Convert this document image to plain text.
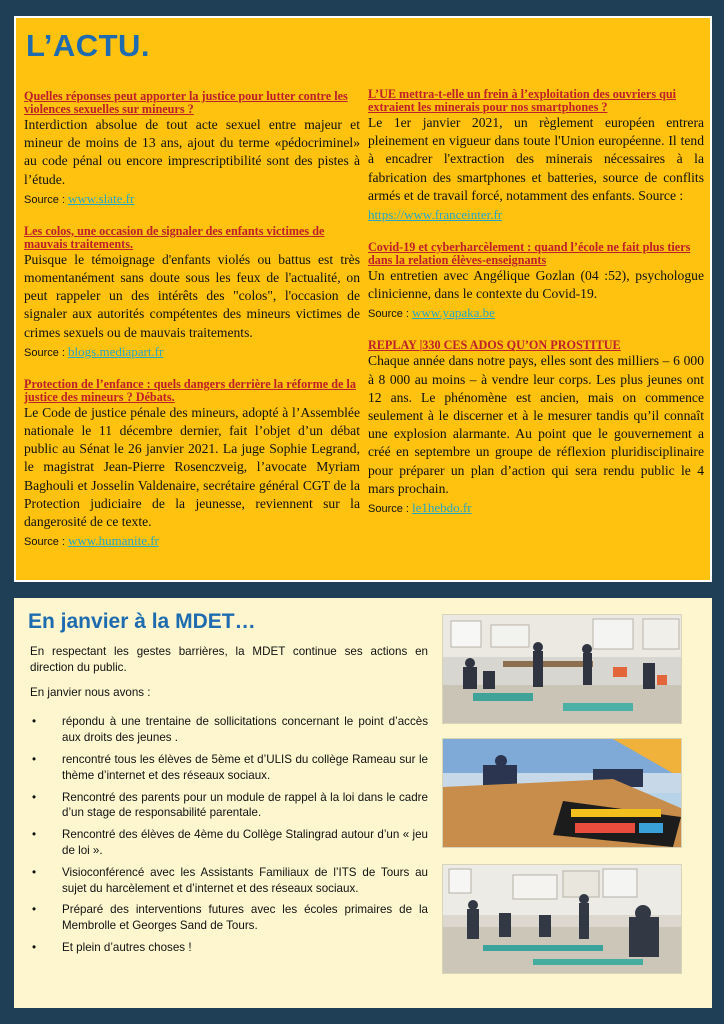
L’ACTU.
Quelles réponses peut apporter la justice pour lutter contre les violences sexuelles sur mineurs ?
Interdiction absolue de tout acte sexuel entre majeur et mineur de moins de 13 ans, ajout du terme «pédocriminel» au code pénal ou encore imprescriptibilité sont des pistes à l’étude.
Source : www.slate.fr
Les colos, une occasion de signaler des enfants victimes de mauvais traitements.
Puisque le témoignage d'enfants violés ou battus est très momentanément sans doute sous les feux de l'actualité, on peut rappeler un des intérêts des "colos", l'occasion de signaler aux autorités compétentes des mineurs victimes de crimes sexuels ou de mauvais traitements.
Source : blogs.mediapart.fr
Protection de l’enfance : quels dangers derrière la réforme de la justice des mineurs ? Débats.
Le Code de justice pénale des mineurs, adopté à l’Assemblée nationale le 11 décembre dernier, fait l’objet d’un débat public au Sénat le 26 janvier 2021. La juge Sophie Legrand, le magistrat Jean-Pierre Rosenczveig, l’avocate Myriam Baghouli et Josselin Valdenaire, secrétaire général CGT de la Protection judiciaire de la jeunesse, reviennent sur la dangerosité de ce texte.
Source : www.humanite.fr
L’UE mettra-t-elle un frein à l’exploitation des ouvriers qui extraient les minerais pour nos smartphones ?
Le 1er janvier 2021, un règlement européen entrera pleinement en vigueur dans toute l'Union européenne. Il tend à encadrer l'extraction des minerais nécessaires à la fabrication des smartphones et batteries, source de conflits armés et de travail forcé, notamment des enfants. Source :
https://www.franceinter.fr
Covid-19 et cyberharcèlement : quand l’école ne fait plus tiers dans la relation élèves-enseignants
Un entretien avec Angélique Gozlan (04 :52), psychologue clinicienne, dans le contexte du Covid-19.
Source : www.yapaka.be
REPLAY |330 CES ADOS QU’ON PROSTITUE
Chaque année dans notre pays, elles sont des milliers – 6 000 à 8 000 au moins – à vendre leur corps. Les plus jeunes ont 12 ans. Le phénomène est ancien, mais on commence seulement à le discerner et à le mesurer tandis qu’il connaît une explosion alarmante. Au point que le gouvernement a créé en septembre un groupe de réflexion pluridisciplinaire pour préparer un plan d’action qui sera rendu public le 4 mars prochain.
Source : le1hebdo.fr
En janvier à la MDET…

En respectant les gestes barrières, la MDET continue ses actions en direction du public.

En janvier nous avons :

• répondu à une trentaine de sollicitations concernant le point d’accès aux droits des jeunes .
• rencontré tous les élèves de 5ème et d’ULIS du collège Rameau sur le thème d’internet et des réseaux sociaux.
• Rencontré des parents pour un module de rappel à la loi dans le cadre d’un stage de responsabilité parentale.
• Rencontré des élèves de 4ème du Collège Stalingrad autour d’un « jeu de loi ».
• Visioconférencé avec les Assistants Familiaux de l’ITS de Tours au sujet du harcèlement et d’internet et des réseaux sociaux.
• Préparé des interventions futures avec les écoles primaires de la Membrolle et Georges Sand de Tours.
• Et plein d’autres choses !
